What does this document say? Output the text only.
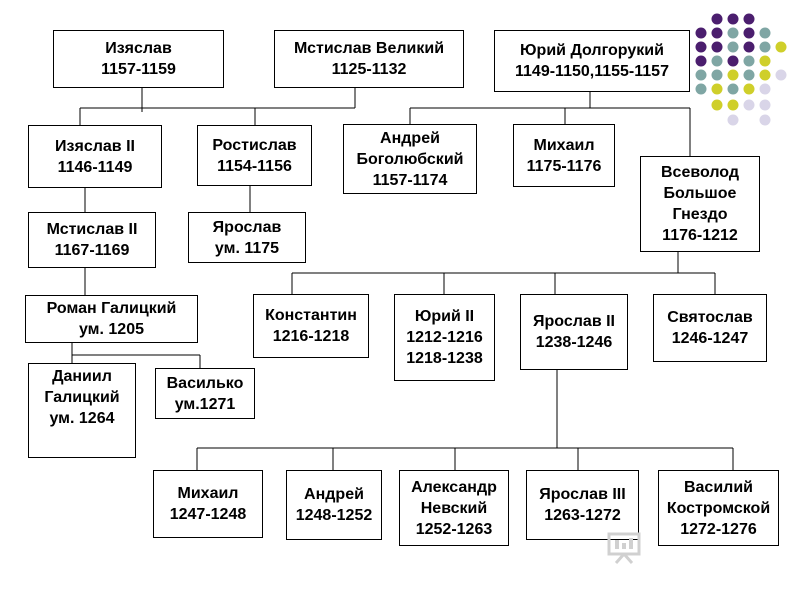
Изяслав
1157-1159
Мстислав Великий
1125-1132
Юрий Долгорукий
1149-1150,1155-1157
Изяслав II
1146-1149
Ростислав
1154-1156
Андрей
Боголюбский
1157-1174
Михаил
1175-1176	Всеволод
Большое
Гнездо
1176-1212
Мстислав II
1167-1169
Ярослав
ум. 1175
Роман Галицкий
ум. 1205
Константин
1216-1218
Юрий II
1212-1216
1218-1238
Ярослав II
1238-1246
Святослав
1246-1247
Даниил
Галицкий
ум. 1264
Василько
ум.1271
Михаил
1247-1248
Андрей
1248-1252
Александр
Невский
1252-1263
Ярослав III
1263-1272
Василий
Костромской
1272-1276
